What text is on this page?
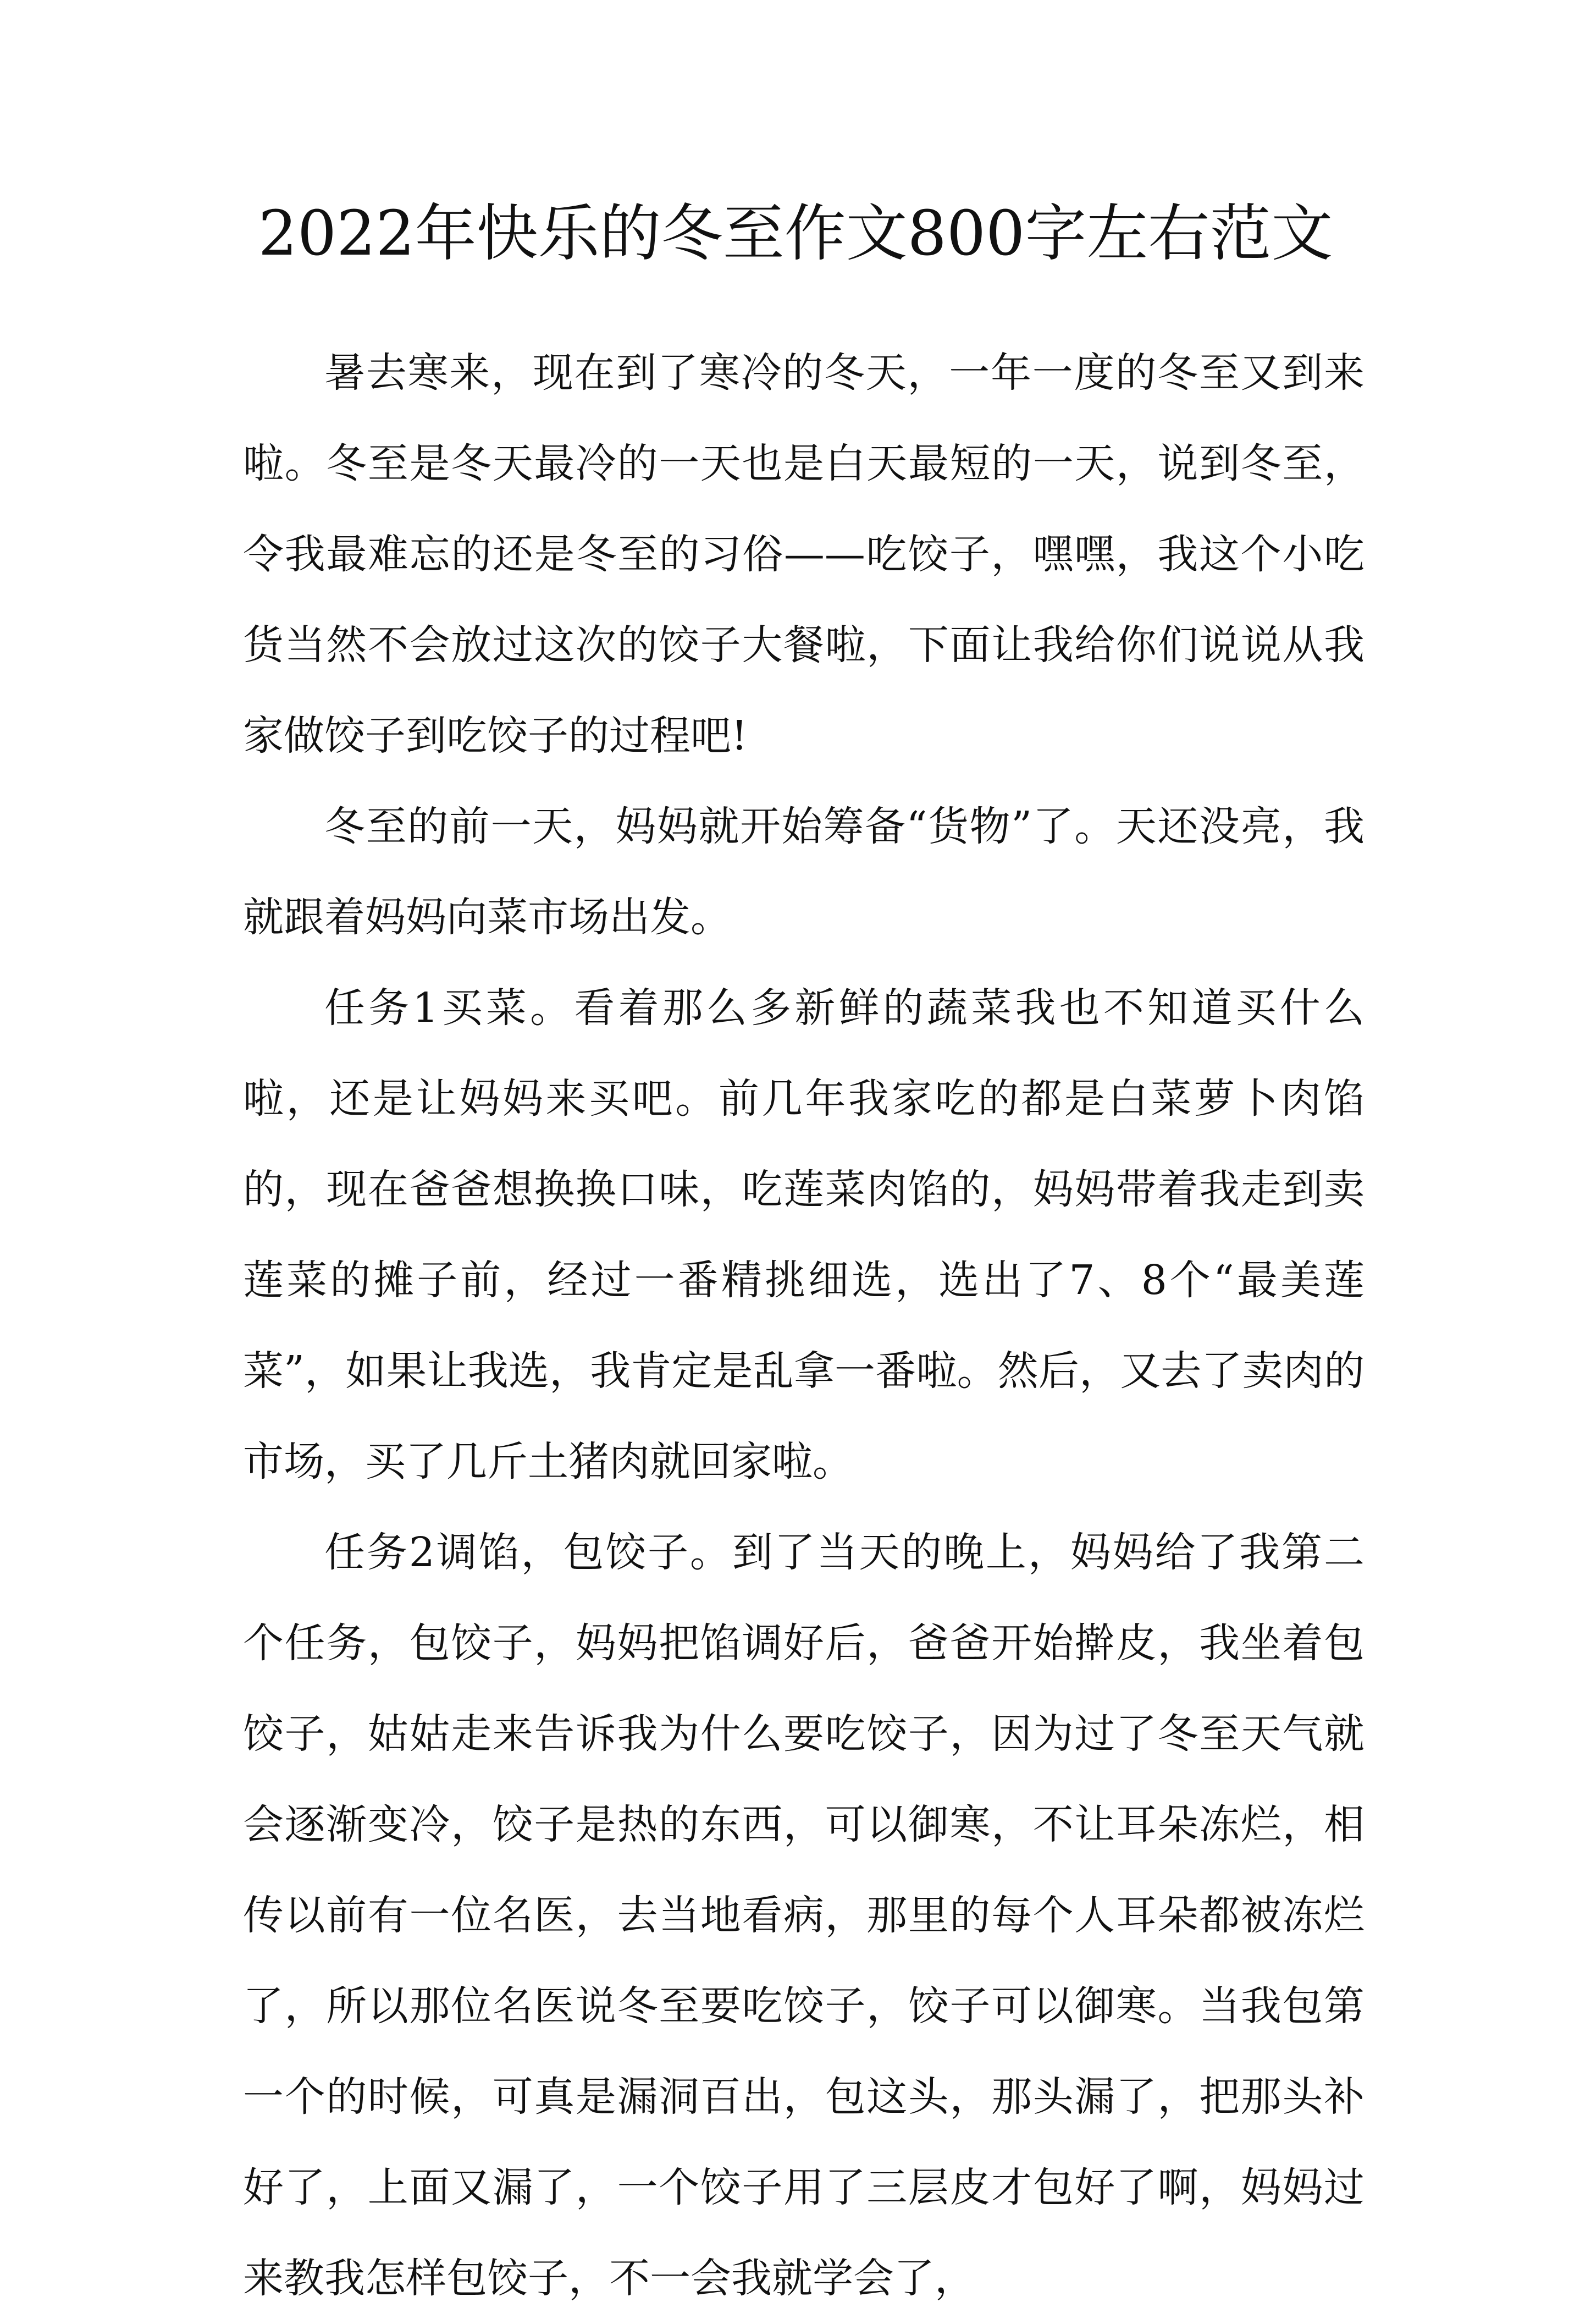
2022年快乐的冬至作文800字左右范文

暑去寒来，现在到了寒冷的冬天，一年一度的冬至又到来啦。冬至是冬天最冷的一天也是白天最短的一天，说到冬至，令我最难忘的还是冬至的习俗——吃饺子，嘿嘿，我这个小吃货当然不会放过这次的饺子大餐啦，下面让我给你们说说从我家做饺子到吃饺子的过程吧!

冬至的前一天，妈妈就开始筹备“货物”了。天还没亮，我就跟着妈妈向菜市场出发。

任务1买菜。看着那么多新鲜的蔬菜我也不知道买什么啦，还是让妈妈来买吧。前几年我家吃的都是白菜萝卜肉馅的，现在爸爸想换换口味，吃莲菜肉馅的，妈妈带着我走到卖莲菜的摊子前，经过一番精挑细选，选出了7、8个“最美莲菜”，如果让我选，我肯定是乱拿一番啦。然后，又去了卖肉的市场，买了几斤土猪肉就回家啦。

任务2调馅，包饺子。到了当天的晚上，妈妈给了我第二个任务，包饺子，妈妈把馅调好后，爸爸开始擀皮，我坐着包饺子，姑姑走来告诉我为什么要吃饺子，因为过了冬至天气就会逐渐变冷，饺子是热的东西，可以御寒，不让耳朵冻烂，相传以前有一位名医，去当地看病，那里的每个人耳朵都被冻烂了，所以那位名医说冬至要吃饺子，饺子可以御寒。当我包第一个的时候，可真是漏洞百出，包这头，那头漏了，把那头补好了，上面又漏了，一个饺子用了三层皮才包好了啊，妈妈过来教我怎样包饺子，不一会我就学会了，
